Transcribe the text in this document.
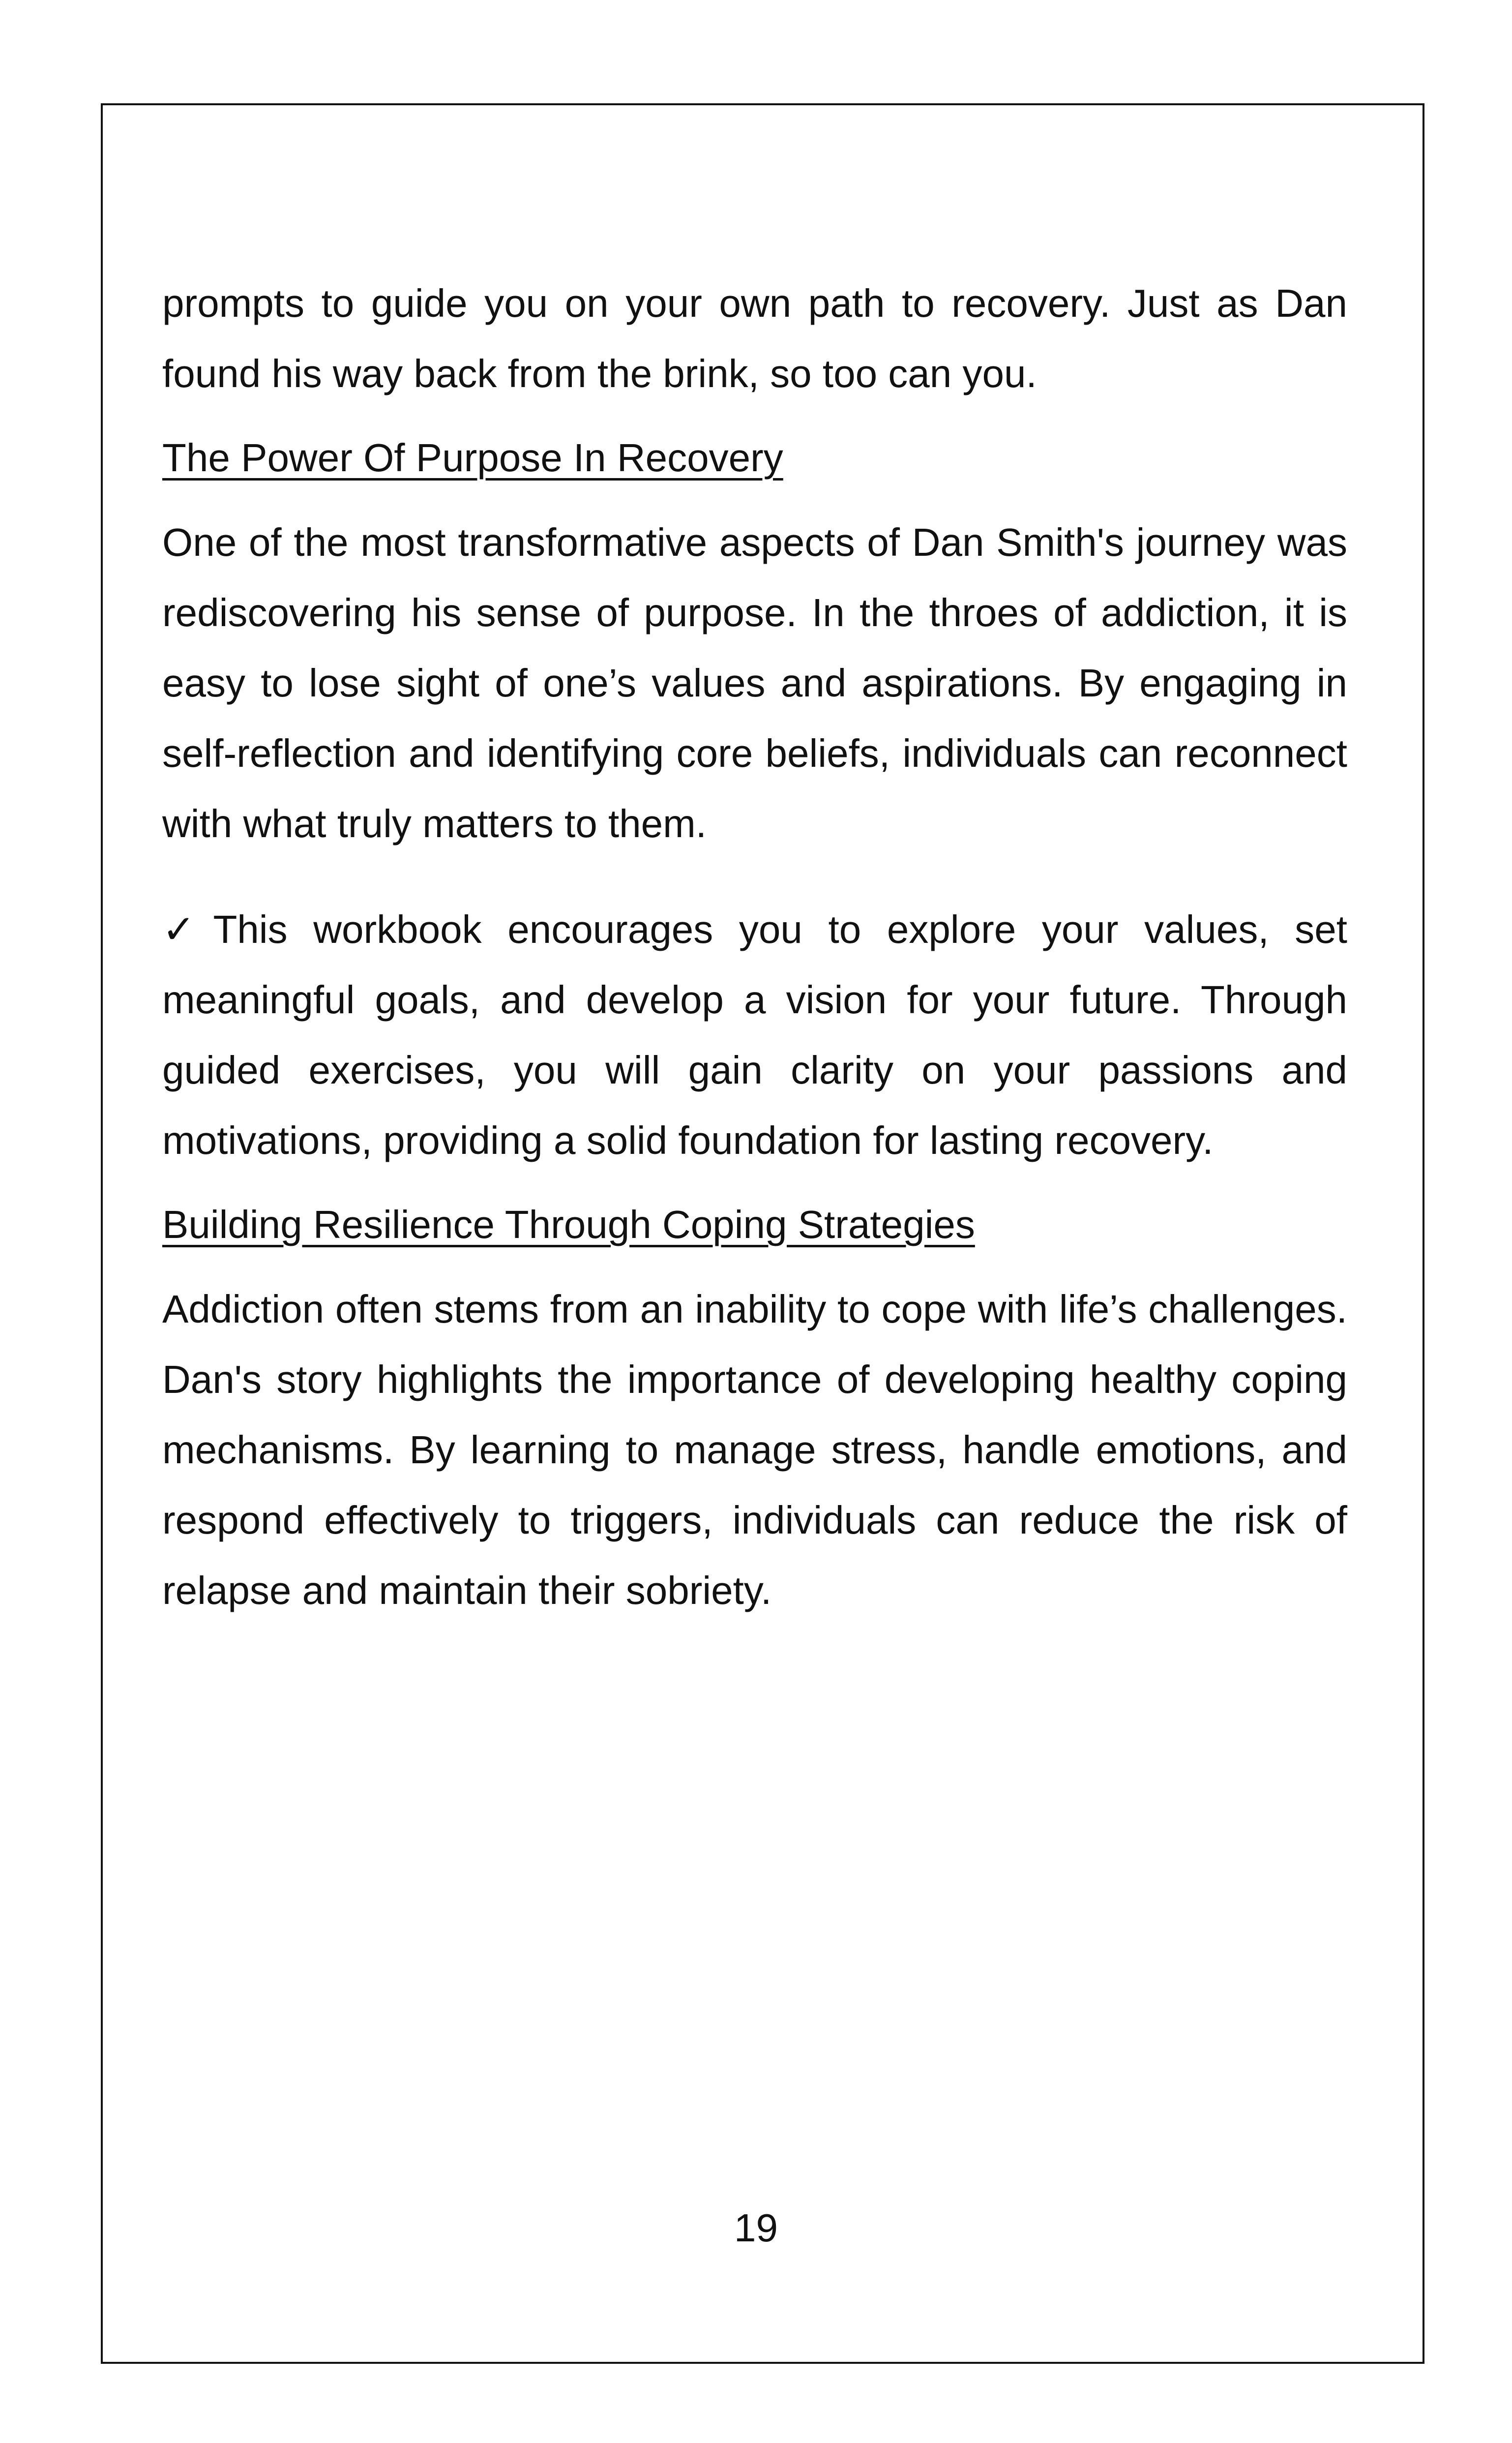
prompts to guide you on your own path to recovery. Just as Dan found his way back from the brink, so too can you.

The Power Of Purpose In Recovery

One of the most transformative aspects of Dan Smith's journey was rediscovering his sense of purpose. In the throes of addiction, it is easy to lose sight of one’s values and aspirations. By engaging in self-reflection and identifying core beliefs, individuals can reconnect with what truly matters to them.

✓This workbook encourages you to explore your values, set meaningful goals, and develop a vision for your future. Through guided exercises, you will gain clarity on your passions and motivations, providing a solid foundation for lasting recovery.

Building Resilience Through Coping Strategies

Addiction often stems from an inability to cope with life’s challenges. Dan's story highlights the importance of developing healthy coping mechanisms. By learning to manage stress, handle emotions, and respond effectively to triggers, individuals can reduce the risk of relapse and maintain their sobriety.

19
